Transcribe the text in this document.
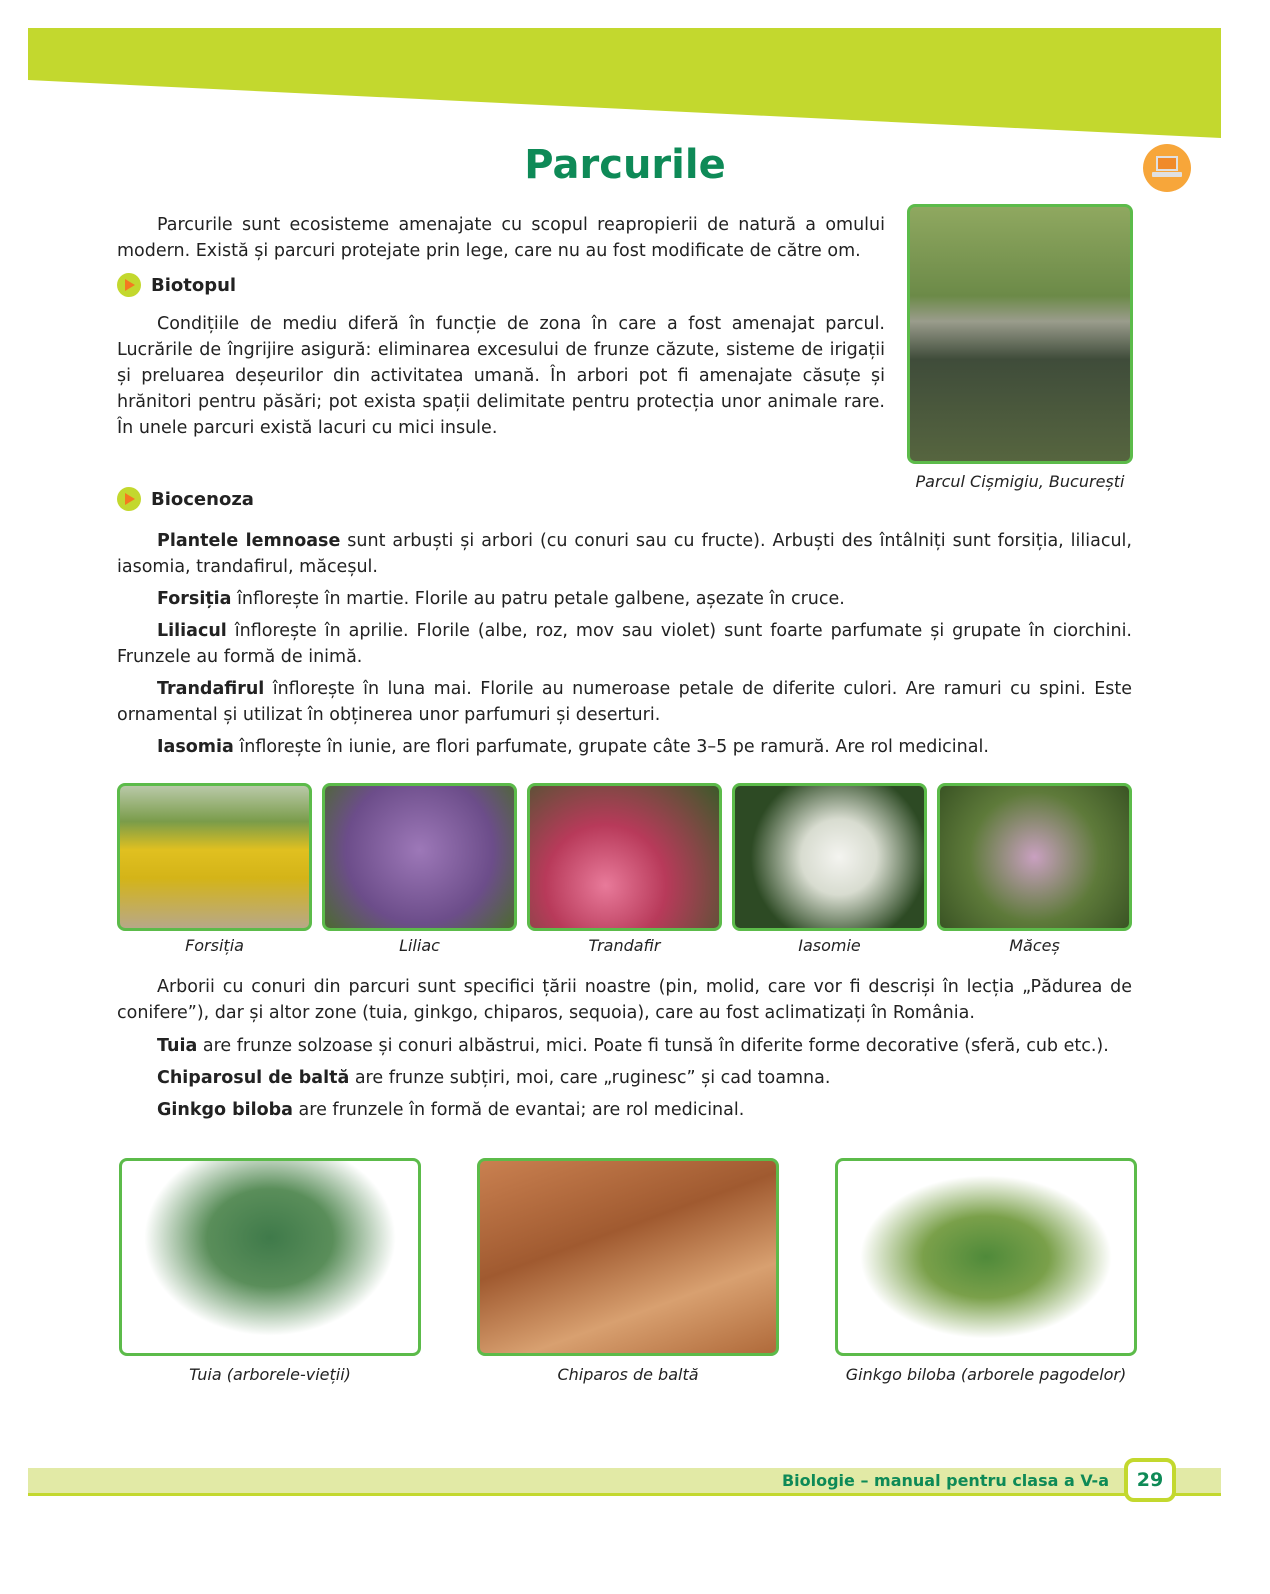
Parcurile
Parcurile sunt ecosisteme amenajate cu scopul reapropierii de natură a omului modern. Există și parcuri protejate prin lege, care nu au fost modificate de către om.
Biotopul
Condițiile de mediu diferă în funcție de zona în care a fost amenajat parcul. Lucrările de îngrijire asigură: eliminarea excesului de frunze căzute, sisteme de irigații și preluarea deșeurilor din activitatea umană. În arbori pot fi amenajate căsuțe și hrănitori pentru păsări; pot exista spații delimitate pentru protecția unor animale rare. În unele parcuri există lacuri cu mici insule.
Parcul Cișmigiu, București
Biocenoza
Plantele lemnoase sunt arbuști și arbori (cu conuri sau cu fructe). Arbuști des întâlniți sunt forsiția, liliacul, iasomia, trandafirul, măceșul.
Forsiția înflorește în martie. Florile au patru petale galbene, așezate în cruce.
Liliacul înflorește în aprilie. Florile (albe, roz, mov sau violet) sunt foarte parfumate și grupate în ciorchini. Frunzele au formă de inimă.
Trandafirul înflorește în luna mai. Florile au numeroase petale de diferite culori. Are ramuri cu spini. Este ornamental și utilizat în obținerea unor parfumuri și deserturi.
Iasomia înflorește în iunie, are flori parfumate, grupate câte 3–5 pe ramură. Are rol medicinal.
Forsiția	Liliac	Trandafir	Iasomie	Măceș
Arborii cu conuri din parcuri sunt specifici țării noastre (pin, molid, care vor fi descriși în lecția „Pădurea de conifere”), dar și altor zone (tuia, ginkgo, chiparos, sequoia), care au fost aclimatizați în România.
Tuia are frunze solzoase și conuri albăstrui, mici. Poate fi tunsă în diferite forme decorative (sferă, cub etc.).
Chiparosul de baltă are frunze subțiri, moi, care „ruginesc” și cad toamna.
Ginkgo biloba are frunzele în formă de evantai; are rol medicinal.
Tuia (arborele-vieții)	Chiparos de baltă	Ginkgo biloba (arborele pagodelor)
Biologie – manual pentru clasa a V-a	29
